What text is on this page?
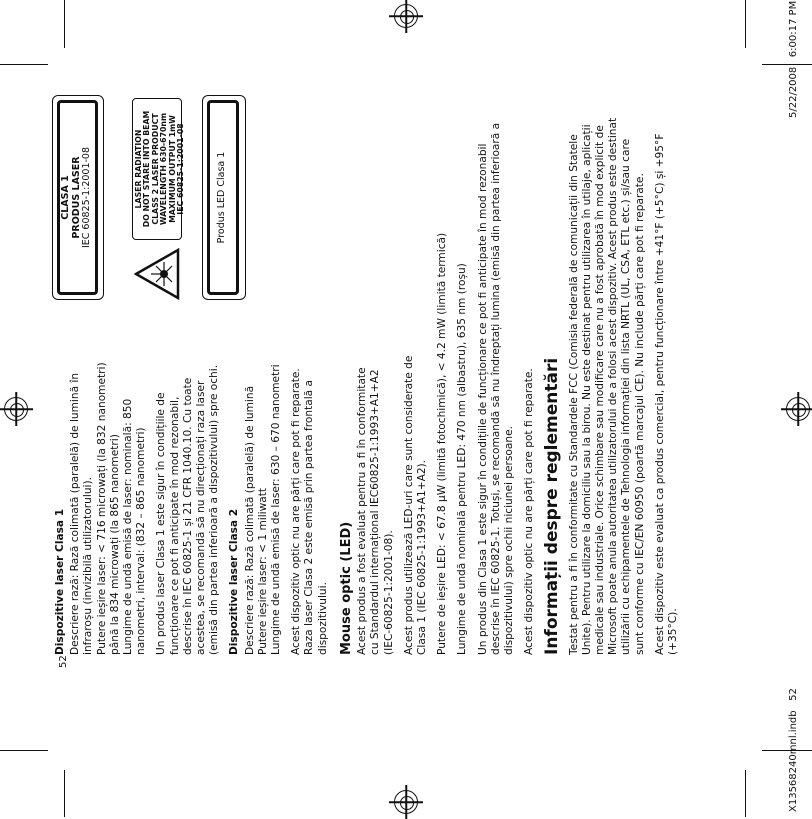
Dispozitive laser Clasa 1 Descriere rază: Rază colimată (paralelă) de lumină în infraroșu (invizibilă utilizatorului). Putere ieșire laser: < 716 microwați (la 832 nanometri) până la 834 microwați (la 865 nanometri) Lungime de undă emisă de laser: nominală: 850 nanometri, interval: (832 – 865 nanometri) Un produs laser Clasa 1 este sigur în condițiile de funcționare ce pot fi anticipate în mod rezonabil, descrise în IEC 60825-1 și 21 CFR 1040.10. Cu toate acestea, se recomandă să nu direcționați raza laser (emisă din partea inferioară a dispozitivului) spre ochi. Dispozitive laser Clasa 2 Descriere rază: Rază colimată (paralelă) de lumină Putere ieșire laser: < 1 miliwatt Lungime de undă emisă de laser: 630 – 670 nanometri Acest dispozitiv optic nu are părți care pot fi reparate. Raza laser Clasa 2 este emisă prin partea frontală a dispozitivului.

CLASA 1 PRODUS LASER IEC 60825-1:2001-08	LASER RADIATION DO NOT STARE INTO BEAM CLASS 2 LASER PRODUCT WAVELENGTH 630-670nm MAXIMUM OUTPUT 1mW IEC 60825-1:2001-08	Produs LED Clasa 1
Mouse optic (LED) Acest produs a fost evaluat pentru a fi în conformitate cu Standardul internațional IEC60825-1:1993+A1+A2 (IEC-60825-1:2001-08). Acest produs utilizează LED-uri care sunt considerate de Clasa 1 (IEC 60825-1:1993+A1+A2). Putere de ieșire LED: < 67.8 µW (limită fotochimică), < 4.2 mW (limită termică) Lungime de undă nominală pentru LED: 470 nm (albastru), 635 nm (roșu) Un produs din Clasa 1 este sigur în condițiile de funcționare ce pot fi anticipate în mod rezonabil descrise în IEC 60825-1. Totuși, se recomandă să nu îndreptați lumina (emisă din partea inferioară a dispozitivului) spre ochii niciunei persoane. Acest dispozitiv optic nu are părți care pot fi reparate. Informații despre reglementări Testat pentru a fi în conformitate cu Standardele FCC (Comisia federală de comunicații din Statele Unite). Pentru utilizare la domiciliu sau la birou. Nu este destinat pentru utilizarea în utilaje, aplicații medicale sau industriale. Orice schimbare sau modificare care nu a fost aprobată în mod explicit de Microsoft poate anula autoritatea utilizatorului de a folosi acest dispozitiv. Acest produs este destinat utilizării cu echipamentele de Tehnologia informației din lista NRTL (UL, CSA, ETL etc.) și/sau care sunt conforme cu IEC/EN 60950 (poartă marcajul CE). Nu include părți care pot fi reparate. Acest dispozitiv este evaluat ca produs comercial, pentru funcționare între +41°F (+5°C) și +95°F (+35°C).

52
X13568240mnl.indb   52
5/22/2008   6:00:17 PM
